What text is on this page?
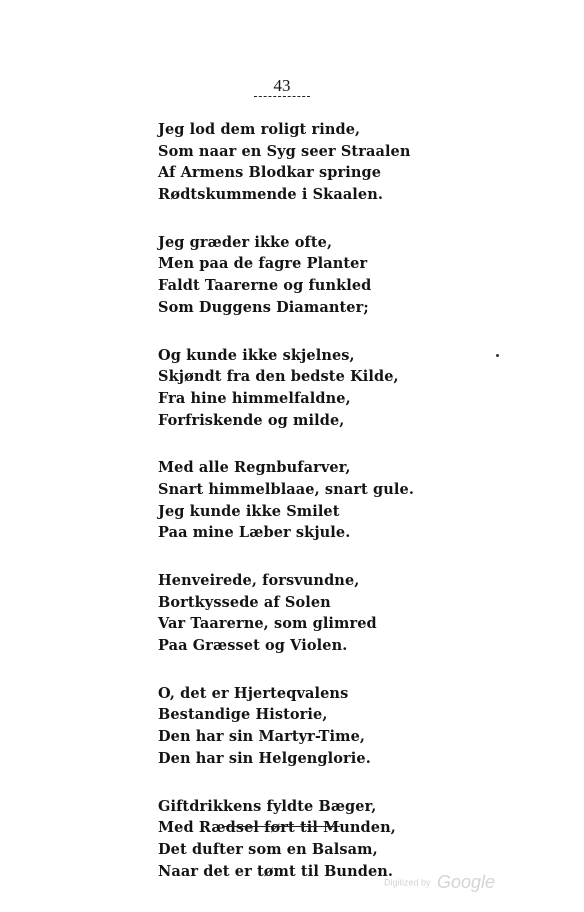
43
Jeg lod dem roligt rinde,
Som naar en Syg seer Straalen
Af Armens Blodkar springe
Rødtskummende i Skaalen.
Jeg græder ikke ofte,
Men paa de fagre Planter
Faldt Taarerne og funkled
Som Duggens Diamanter;
Og kunde ikke skjelnes,
Skjøndt fra den bedste Kilde,
Fra hine himmelfaldne,
Forfriskende og milde,
Med alle Regnbufarver,
Snart himmelblaae, snart gule.
Jeg kunde ikke Smilet
Paa mine Læber skjule.
Henveirede, forsvundne,
Bortkyssede af Solen
Var Taarerne, som glimred
Paa Græsset og Violen.
O, det er Hjerteqvalens
Bestandige Historie,
Den har sin Martyr-Time,
Den har sin Helgenglorie.
Giftdrikkens fyldte Bæger,
Med Rædsel ført til Munden,
Det dufter som en Balsam,
Naar det er tømt til Bunden.
Digitized by Google
